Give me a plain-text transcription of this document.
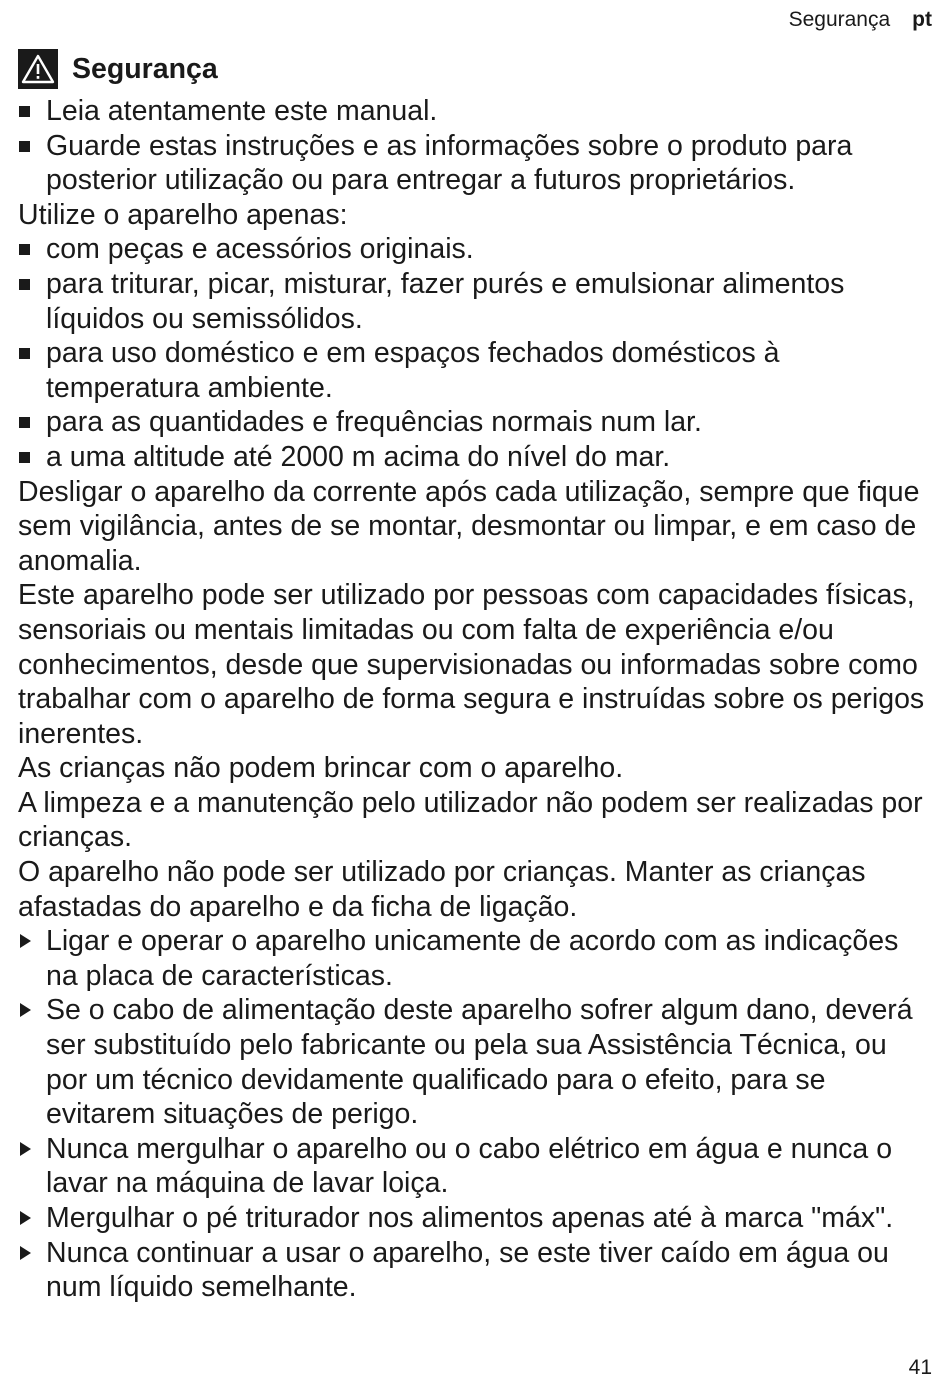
Segurança pt
Segurança

Leia atentamente este manual.

Guarde estas instruções e as informações sobre o produto para posterior utilização ou para entregar a futuros proprietários.

Utilize o aparelho apenas:

com peças e acessórios originais.

para triturar, picar, misturar, fazer purés e emulsionar alimentos líquidos ou semissólidos.

para uso doméstico e em espaços fechados domésticos à temperatura ambiente.

para as quantidades e frequências normais num lar.

a uma altitude até 2000 m acima do nível do mar.

Desligar o aparelho da corrente após cada utilização, sempre que fique sem vigilância, antes de se montar, desmontar ou limpar, e em caso de anomalia.

Este aparelho pode ser utilizado por pessoas com capacidades físicas, sensoriais ou mentais limitadas ou com falta de experiência e/ou conhecimentos, desde que supervisionadas ou informadas sobre como trabalhar com o aparelho de forma segura e instruídas sobre os perigos inerentes.

As crianças não podem brincar com o aparelho.

A limpeza e a manutenção pelo utilizador não podem ser realizadas por crianças.

O aparelho não pode ser utilizado por crianças. Manter as crianças afastadas do aparelho e da ficha de ligação.

Ligar e operar o aparelho unicamente de acordo com as indicações na placa de características.

Se o cabo de alimentação deste aparelho sofrer algum dano, deverá ser substituído pelo fabricante ou pela sua Assistência Técnica, ou por um técnico devidamente qualificado para o efeito, para se evitarem situações de perigo.

Nunca mergulhar o aparelho ou o cabo elétrico em água e nunca o lavar na máquina de lavar loiça.

Mergulhar o pé triturador nos alimentos apenas até à marca "máx".

Nunca continuar a usar o aparelho, se este tiver caído em água ou num líquido semelhante.

41
